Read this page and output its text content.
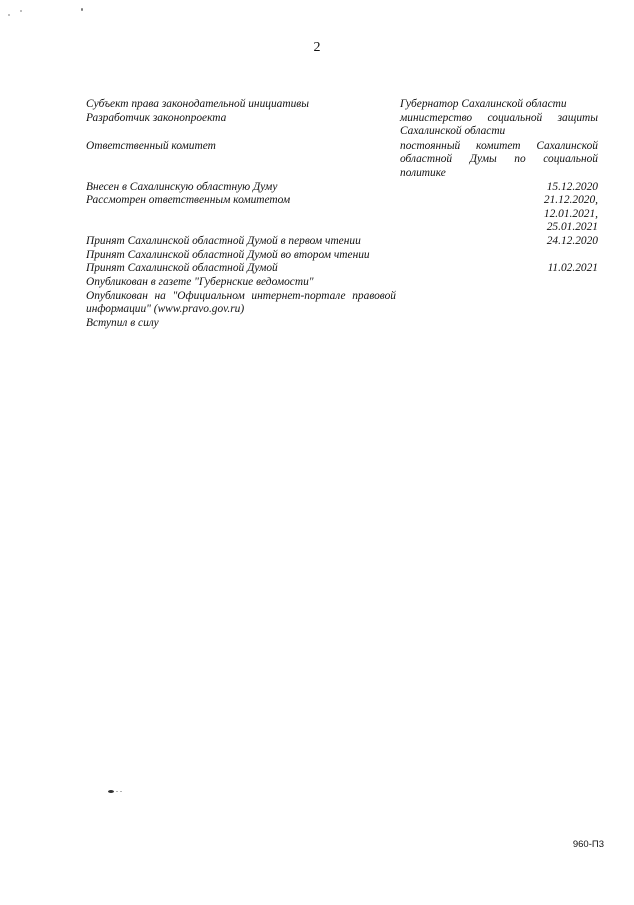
2
Субъект права законодательной инициативы
Разработчик законопроекта
Ответственный комитет
Внесен в Сахалинскую областную Думу
Рассмотрен ответственным комитетом
Принят Сахалинской областной Думой в первом чтении
Принят Сахалинской областной Думой во втором чтении
Принят Сахалинской областной Думой
Опубликован в газете "Губернские ведомости"
Опубликован на "Официальном интернет-портале правовой
информации" (www.pravo.gov.ru)
Вступил в силу
Губернатор Сахалинской области
министерство социальной защиты
Сахалинской области
постоянный комитет Сахалинской
областной Думы по социальной
политике
15.12.2020
21.12.2020,
12.01.2021,
25.01.2021
24.12.2020
11.02.2021
960-П3
